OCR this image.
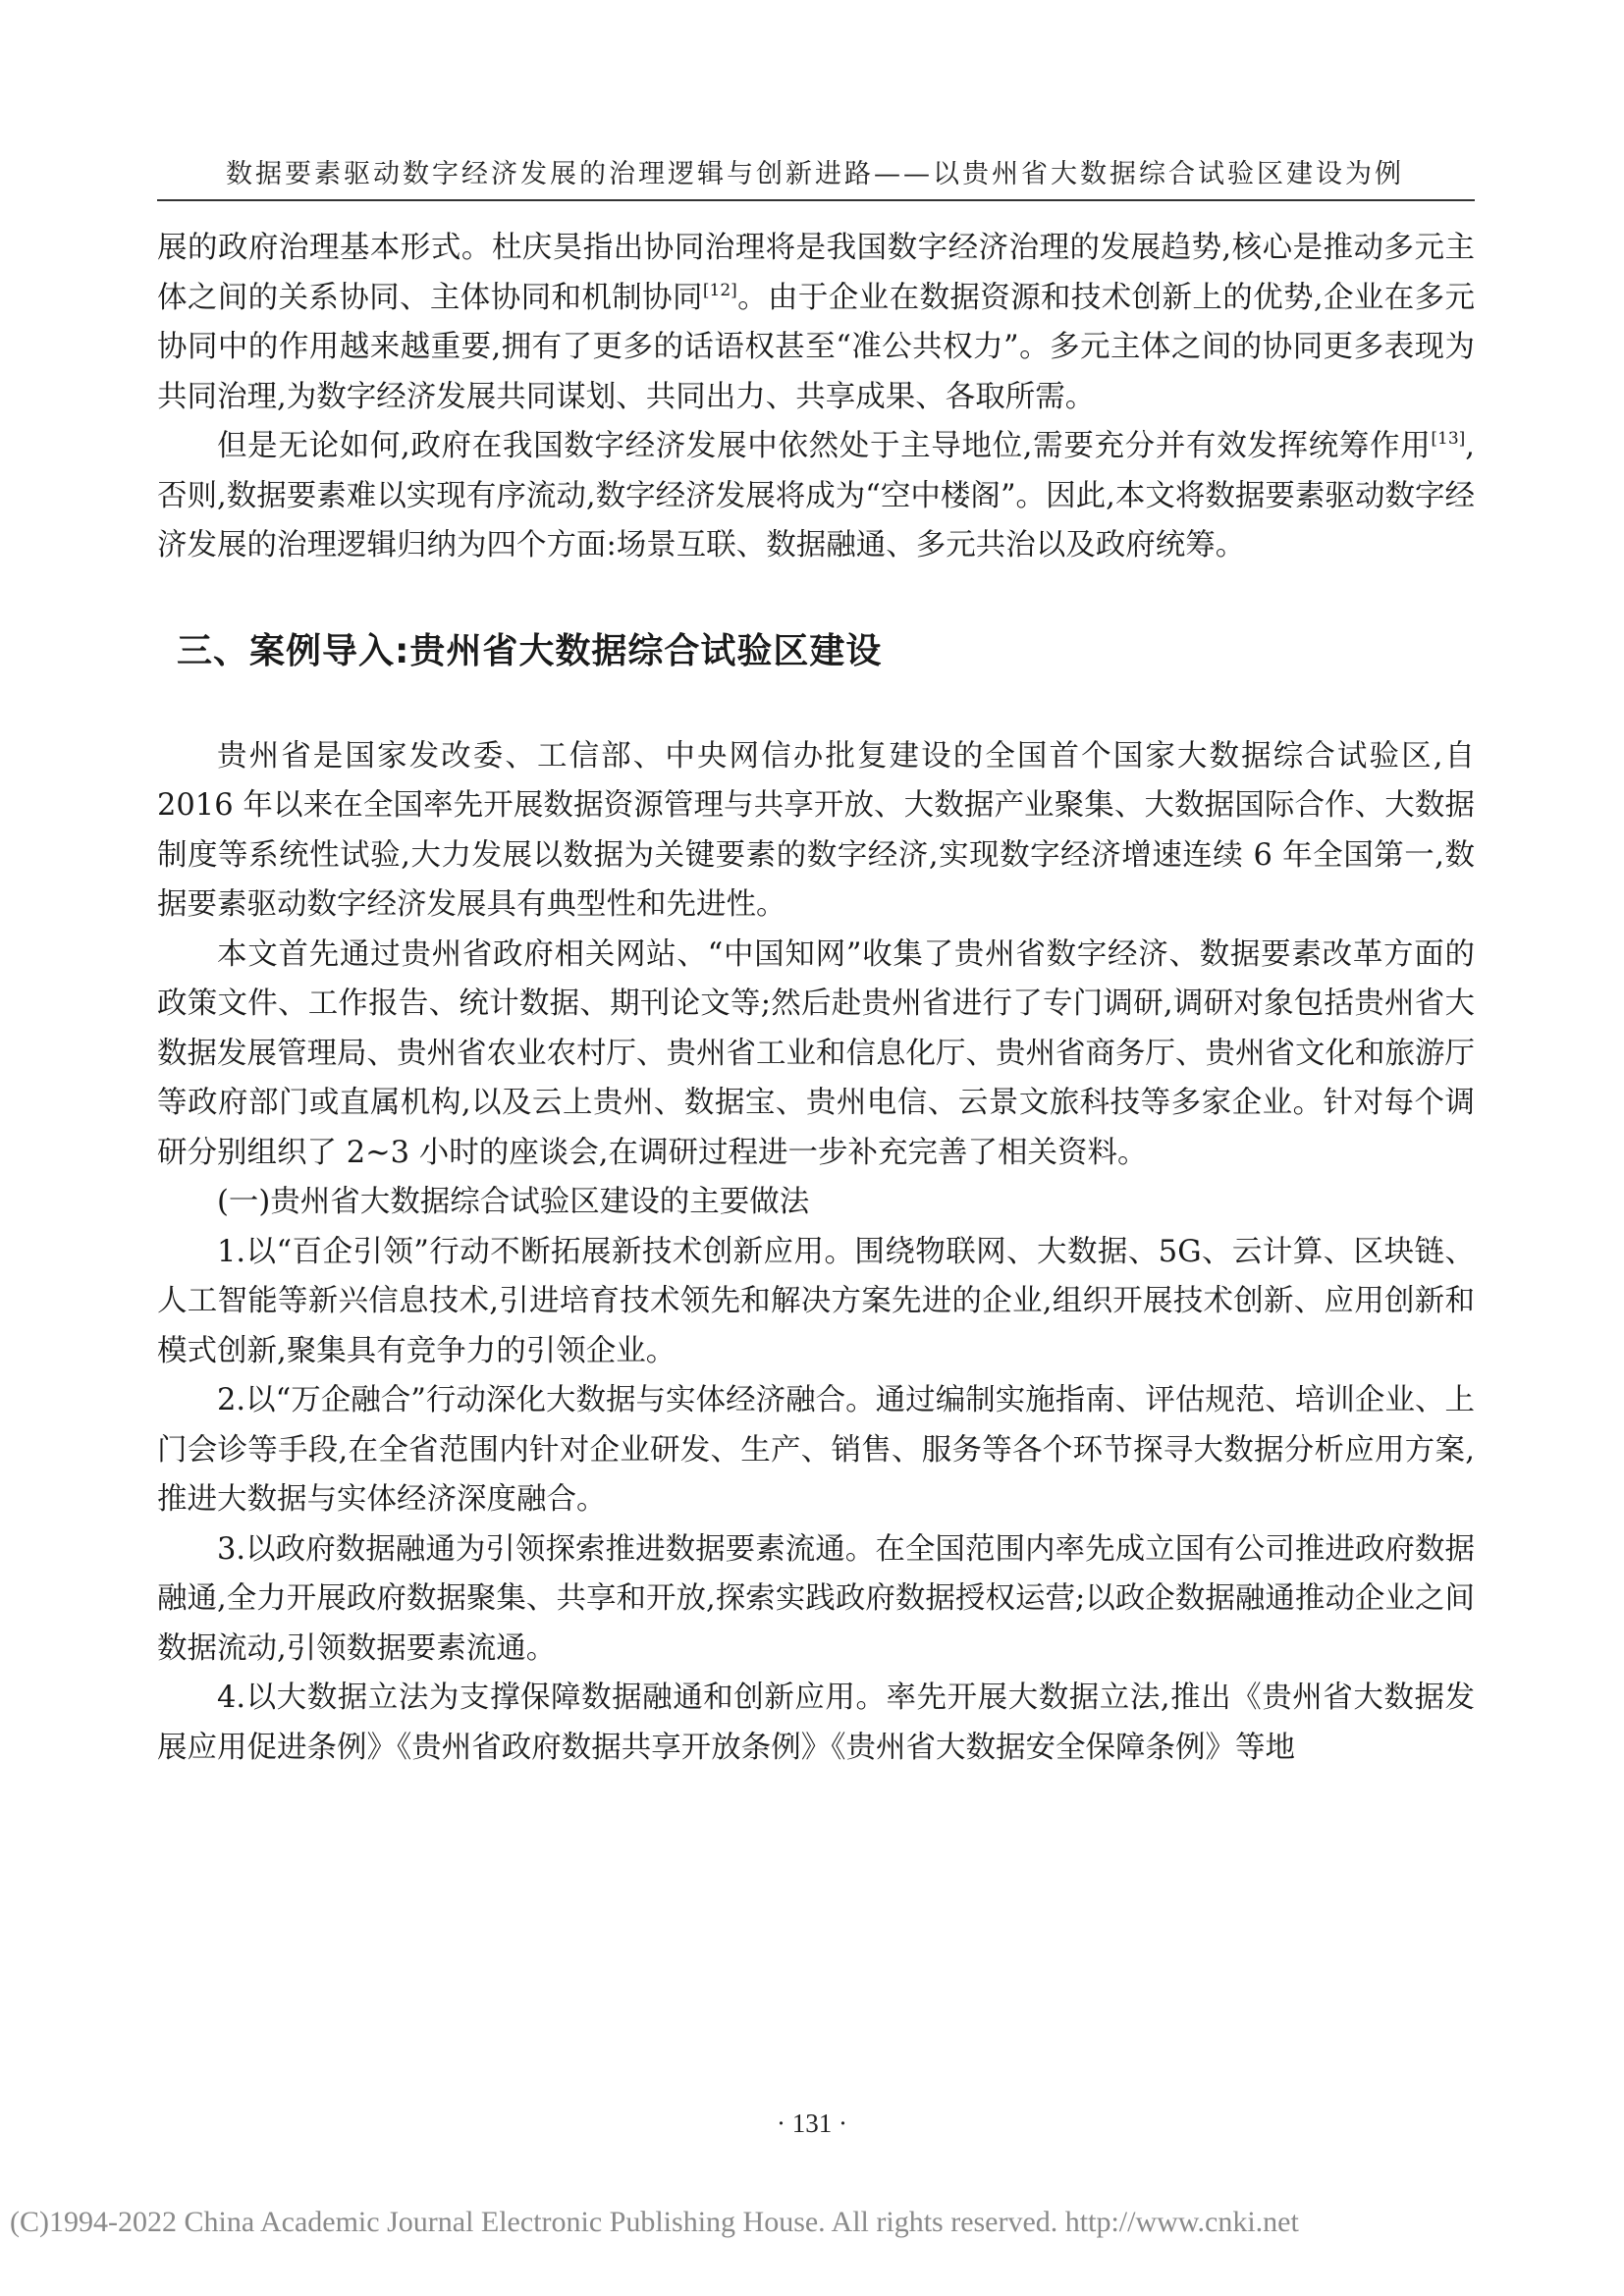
数据要素驱动数字经济发展的治理逻辑与创新进路——以贵州省大数据综合试验区建设为例

展的政府治理基本形式。杜庆昊指出协同治理将是我国数字经济治理的发展趋势,核心是推动多元主体之间的关系协同、主体协同和机制协同[12]。由于企业在数据资源和技术创新上的优势,企业在多元协同中的作用越来越重要,拥有了更多的话语权甚至“准公共权力”。多元主体之间的协同更多表现为共同治理,为数字经济发展共同谋划、共同出力、共享成果、各取所需。

但是无论如何,政府在我国数字经济发展中依然处于主导地位,需要充分并有效发挥统筹作用[13],否则,数据要素难以实现有序流动,数字经济发展将成为“空中楼阁”。因此,本文将数据要素驱动数字经济发展的治理逻辑归纳为四个方面:场景互联、数据融通、多元共治以及政府统筹。

三、案例导入:贵州省大数据综合试验区建设

贵州省是国家发改委、工信部、中央网信办批复建设的全国首个国家大数据综合试验区,自 2016 年以来在全国率先开展数据资源管理与共享开放、大数据产业聚集、大数据国际合作、大数据制度等系统性试验,大力发展以数据为关键要素的数字经济,实现数字经济增速连续 6 年全国第一,数据要素驱动数字经济发展具有典型性和先进性。

本文首先通过贵州省政府相关网站、“中国知网”收集了贵州省数字经济、数据要素改革方面的政策文件、工作报告、统计数据、期刊论文等;然后赴贵州省进行了专门调研,调研对象包括贵州省大数据发展管理局、贵州省农业农村厅、贵州省工业和信息化厅、贵州省商务厅、贵州省文化和旅游厅等政府部门或直属机构,以及云上贵州、数据宝、贵州电信、云景文旅科技等多家企业。针对每个调研分别组织了 2~3 小时的座谈会,在调研过程进一步补充完善了相关资料。

(一)贵州省大数据综合试验区建设的主要做法

1.以“百企引领”行动不断拓展新技术创新应用。围绕物联网、大数据、5G、云计算、区块链、人工智能等新兴信息技术,引进培育技术领先和解决方案先进的企业,组织开展技术创新、应用创新和模式创新,聚集具有竞争力的引领企业。

2.以“万企融合”行动深化大数据与实体经济融合。通过编制实施指南、评估规范、培训企业、上门会诊等手段,在全省范围内针对企业研发、生产、销售、服务等各个环节探寻大数据分析应用方案,推进大数据与实体经济深度融合。

3.以政府数据融通为引领探索推进数据要素流通。在全国范围内率先成立国有公司推进政府数据融通,全力开展政府数据聚集、共享和开放,探索实践政府数据授权运营;以政企数据融通推动企业之间数据流动,引领数据要素流通。

4.以大数据立法为支撑保障数据融通和创新应用。率先开展大数据立法,推出《贵州省大数据发展应用促进条例》《贵州省政府数据共享开放条例》《贵州省大数据安全保障条例》等地

· 131 ·
(C)1994-2022 China Academic Journal Electronic Publishing House. All rights reserved. http://www.cnki.net
